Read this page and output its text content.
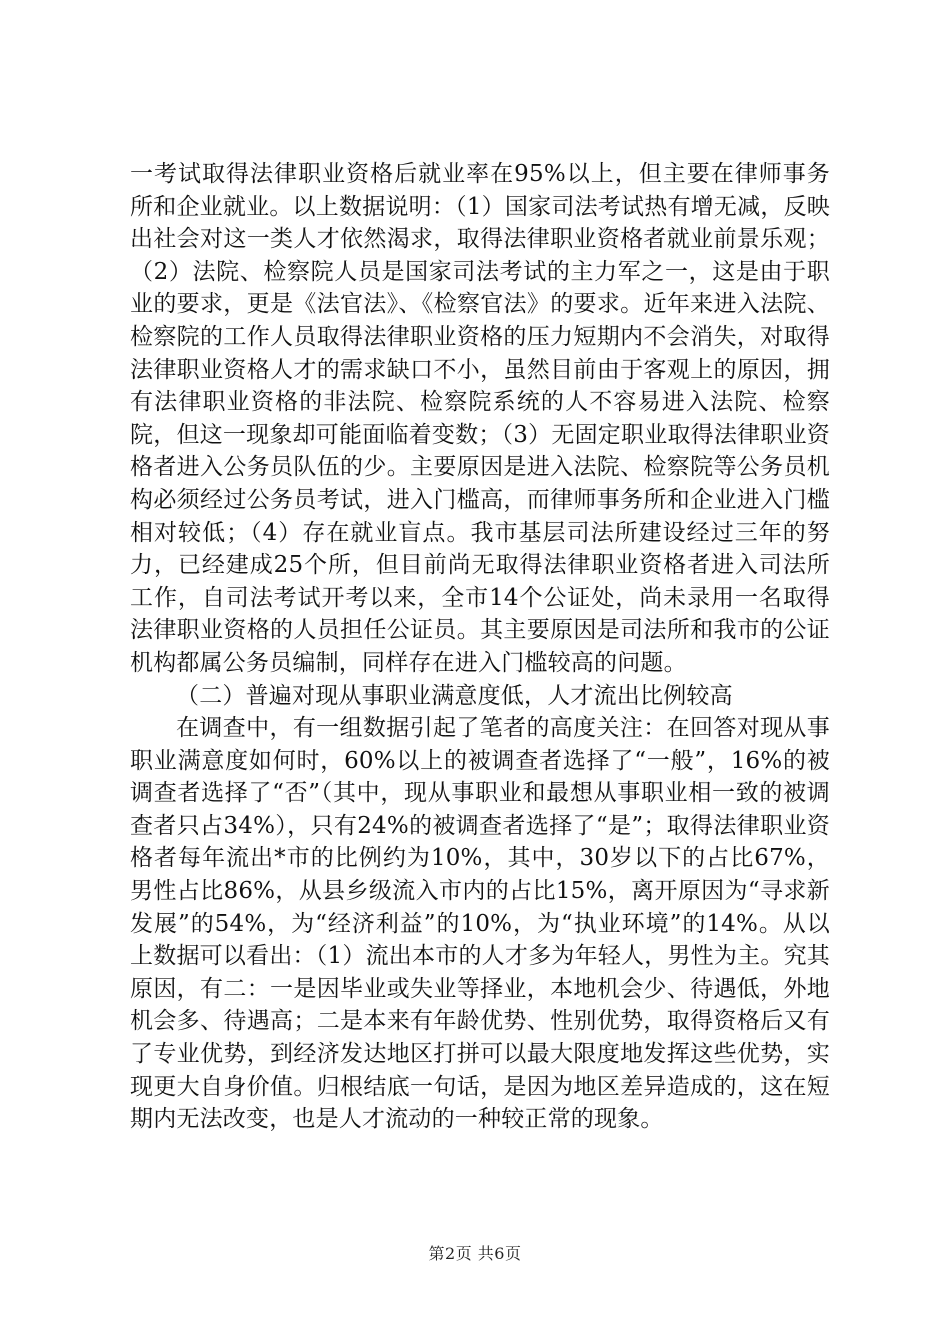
一考试取得法律职业资格后就业率在95%以上，但主要在律师事务所和企业就业。以上数据说明：（1）国家司法考试热有增无减，反映出社会对这一类人才依然渴求，取得法律职业资格者就业前景乐观；（2）法院、检察院人员是国家司法考试的主力军之一，这是由于职业的要求，更是《法官法》、《检察官法》的要求。近年来进入法院、检察院的工作人员取得法律职业资格的压力短期内不会消失，对取得法律职业资格人才的需求缺口不小，虽然目前由于客观上的原因，拥有法律职业资格的非法院、检察院系统的人不容易进入法院、检察院，但这一现象却可能面临着变数；（3）无固定职业取得法律职业资格者进入公务员队伍的少。主要原因是进入法院、检察院等公务员机构必须经过公务员考试，进入门槛高，而律师事务所和企业进入门槛相对较低；（4）存在就业盲点。我市基层司法所建设经过三年的努力，已经建成25个所，但目前尚无取得法律职业资格者进入司法所工作，自司法考试开考以来，全市14个公证处，尚未录用一名取得法律职业资格的人员担任公证员。其主要原因是司法所和我市的公证机构都属公务员编制，同样存在进入门槛较高的问题。

（二）普遍对现从事职业满意度低，人才流出比例较高

在调查中，有一组数据引起了笔者的高度关注：在回答对现从事职业满意度如何时，60%以上的被调查者选择了“一般”，16%的被调查者选择了“否”（其中，现从事职业和最想从事职业相一致的被调查者只占34%），只有24%的被调查者选择了“是”；取得法律职业资格者每年流出*市的比例约为10%，其中，30岁以下的占比67%，男性占比86%，从县乡级流入市内的占比15%，离开原因为“寻求新发展”的54%，为“经济利益”的10%，为“执业环境”的14%。从以上数据可以看出：（1）流出本市的人才多为年轻人，男性为主。究其原因，有二：一是因毕业或失业等择业，本地机会少、待遇低，外地机会多、待遇高；二是本来有年龄优势、性别优势，取得资格后又有了专业优势，到经济发达地区打拼可以最大限度地发挥这些优势，实现更大自身价值。归根结底一句话，是因为地区差异造成的，这在短期内无法改变，也是人才流动的一种较正常的现象。

第2页 共6页
